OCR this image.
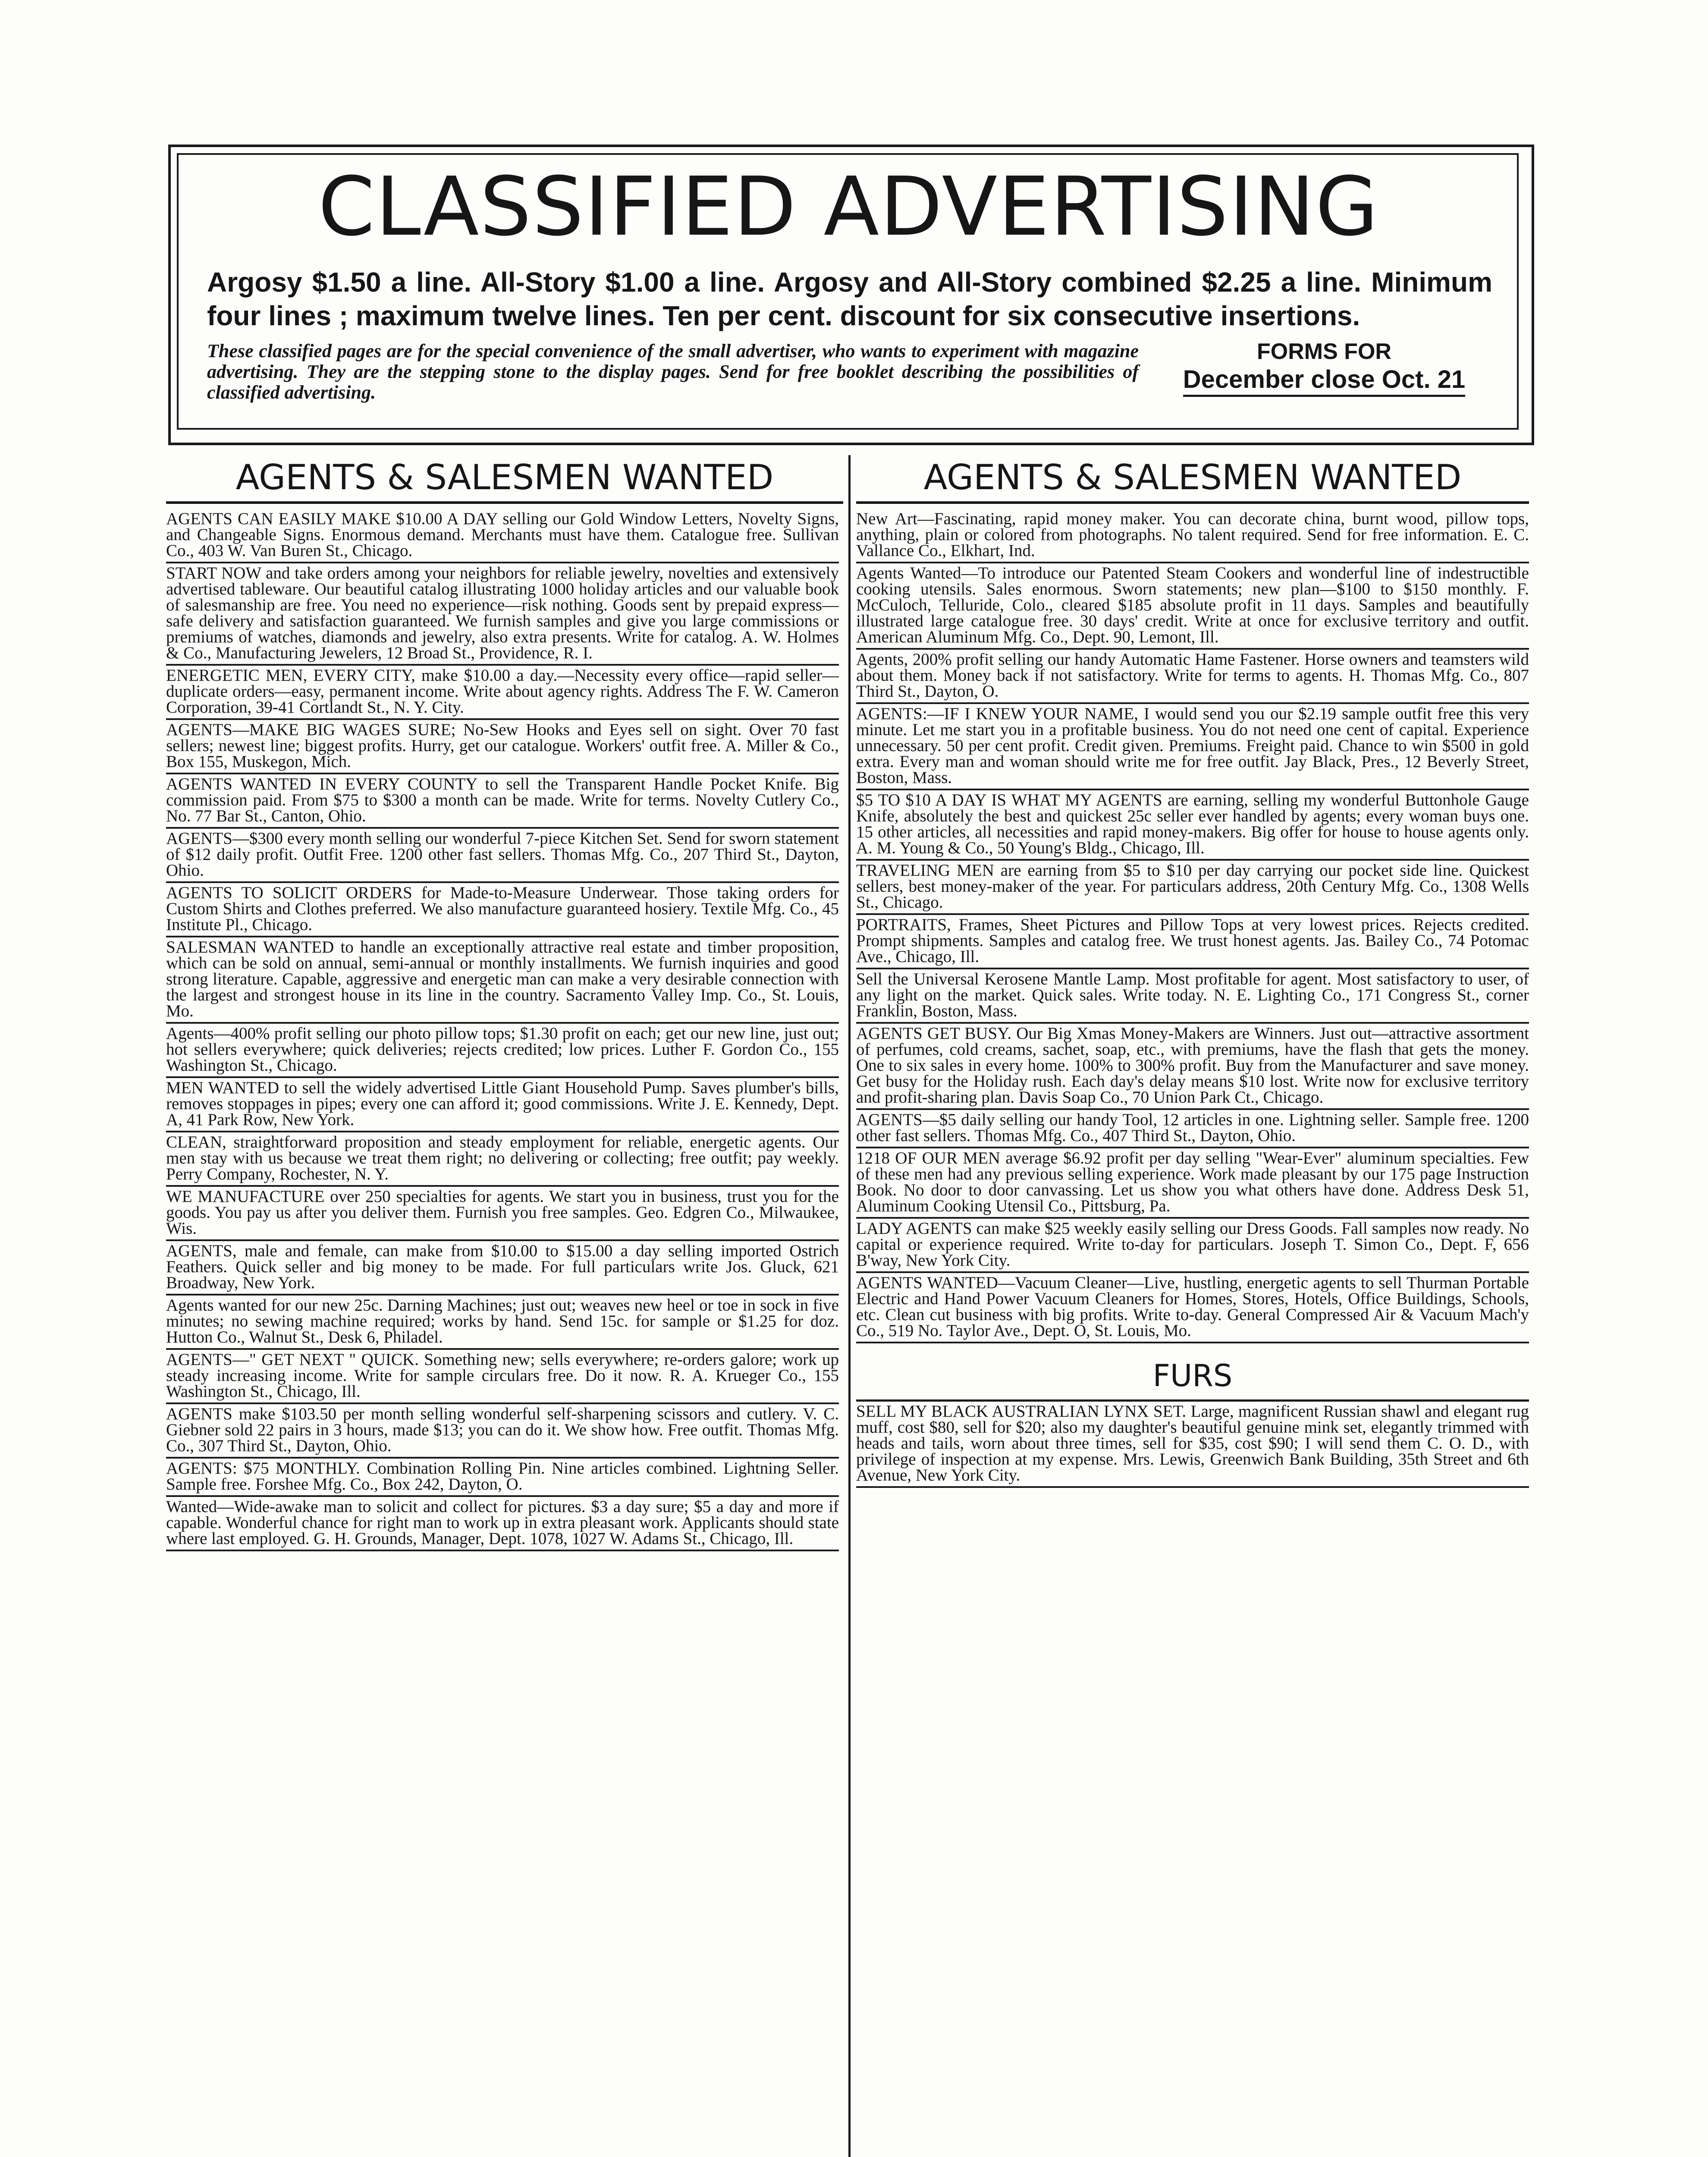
CLASSIFIED ADVERTISING
Argosy $1.50 a line. All-Story $1.00 a line. Argosy and All-Story combined $2.25 a line. Minimum four lines ; maximum twelve lines. Ten per cent. discount for six consecutive insertions.
These classified pages are for the special convenience of the small advertiser, who wants to experiment with magazine advertising. They are the stepping stone to the display pages. Send for free booklet describing the possibilities of classified advertising.
FORMS FOR
December close Oct. 21
AGENTS & SALESMEN WANTED	AGENTS & SALESMEN WANTED
AGENTS CAN EASILY MAKE $10.00 A DAY selling our Gold Window Letters, Novelty Signs, and Changeable Signs. Enormous demand. Merchants must have them. Catalogue free. Sullivan Co., 403 W. Van Buren St., Chicago.
START NOW and take orders among your neighbors for reliable jewelry, novelties and extensively advertised tableware. Our beautiful catalog illustrating 1000 holiday articles and our valuable book of salesmanship are free. You need no experience—risk nothing. Goods sent by prepaid express—safe delivery and satisfaction guaranteed. We furnish samples and give you large commissions or premiums of watches, diamonds and jewelry, also extra presents. Write for catalog. A. W. Holmes & Co., Manufacturing Jewelers, 12 Broad St., Providence, R. I.
ENERGETIC MEN, EVERY CITY, make $10.00 a day.—Necessity every office—rapid seller—duplicate orders—easy, permanent income. Write about agency rights. Address The F. W. Cameron Corporation, 39-41 Cortlandt St., N. Y. City.
AGENTS—MAKE BIG WAGES SURE; No-Sew Hooks and Eyes sell on sight. Over 70 fast sellers; newest line; biggest profits. Hurry, get our catalogue. Workers' outfit free. A. Miller & Co., Box 155, Muskegon, Mich.
AGENTS WANTED IN EVERY COUNTY to sell the Transparent Handle Pocket Knife. Big commission paid. From $75 to $300 a month can be made. Write for terms. Novelty Cutlery Co., No. 77 Bar St., Canton, Ohio.
AGENTS—$300 every month selling our wonderful 7-piece Kitchen Set. Send for sworn statement of $12 daily profit. Outfit Free. 1200 other fast sellers. Thomas Mfg. Co., 207 Third St., Dayton, Ohio.
AGENTS TO SOLICIT ORDERS for Made-to-Measure Underwear. Those taking orders for Custom Shirts and Clothes preferred. We also manufacture guaranteed hosiery. Textile Mfg. Co., 45 Institute Pl., Chicago.
SALESMAN WANTED to handle an exceptionally attractive real estate and timber proposition, which can be sold on annual, semi-annual or monthly installments. We furnish inquiries and good strong literature. Capable, aggressive and energetic man can make a very desirable connection with the largest and strongest house in its line in the country. Sacramento Valley Imp. Co., St. Louis, Mo.
Agents—400% profit selling our photo pillow tops; $1.30 profit on each; get our new line, just out; hot sellers everywhere; quick deliveries; rejects credited; low prices. Luther F. Gordon Co., 155 Washington St., Chicago.
MEN WANTED to sell the widely advertised Little Giant Household Pump. Saves plumber's bills, removes stoppages in pipes; every one can afford it; good commissions. Write J. E. Kennedy, Dept. A, 41 Park Row, New York.
CLEAN, straightforward proposition and steady employment for reliable, energetic agents. Our men stay with us because we treat them right; no delivering or collecting; free outfit; pay weekly. Perry Company, Rochester, N. Y.
WE MANUFACTURE over 250 specialties for agents. We start you in business, trust you for the goods. You pay us after you deliver them. Furnish you free samples. Geo. Edgren Co., Milwaukee, Wis.
AGENTS, male and female, can make from $10.00 to $15.00 a day selling imported Ostrich Feathers. Quick seller and big money to be made. For full particulars write Jos. Gluck, 621 Broadway, New York.
Agents wanted for our new 25c. Darning Machines; just out; weaves new heel or toe in sock in five minutes; no sewing machine required; works by hand. Send 15c. for sample or $1.25 for doz. Hutton Co., Walnut St., Desk 6, Philadel.
AGENTS—" GET NEXT " QUICK. Something new; sells everywhere; re-orders galore; work up steady increasing income. Write for sample circulars free. Do it now. R. A. Krueger Co., 155 Washington St., Chicago, Ill.
AGENTS make $103.50 per month selling wonderful self-sharpening scissors and cutlery. V. C. Giebner sold 22 pairs in 3 hours, made $13; you can do it. We show how. Free outfit. Thomas Mfg. Co., 307 Third St., Dayton, Ohio.
AGENTS: $75 MONTHLY. Combination Rolling Pin. Nine articles combined. Lightning Seller. Sample free. Forshee Mfg. Co., Box 242, Dayton, O.
Wanted—Wide-awake man to solicit and collect for pictures. $3 a day sure; $5 a day and more if capable. Wonderful chance for right man to work up in extra pleasant work. Applicants should state where last employed. G. H. Grounds, Manager, Dept. 1078, 1027 W. Adams St., Chicago, Ill.
New Art—Fascinating, rapid money maker. You can decorate china, burnt wood, pillow tops, anything, plain or colored from photographs. No talent required. Send for free information. E. C. Vallance Co., Elkhart, Ind.
Agents Wanted—To introduce our Patented Steam Cookers and wonderful line of indestructible cooking utensils. Sales enormous. Sworn statements; new plan—$100 to $150 monthly. F. McCuloch, Telluride, Colo., cleared $185 absolute profit in 11 days. Samples and beautifully illustrated large catalogue free. 30 days' credit. Write at once for exclusive territory and outfit. American Aluminum Mfg. Co., Dept. 90, Lemont, Ill.
Agents, 200% profit selling our handy Automatic Hame Fastener. Horse owners and teamsters wild about them. Money back if not satisfactory. Write for terms to agents. H. Thomas Mfg. Co., 807 Third St., Dayton, O.
AGENTS:—IF I KNEW YOUR NAME, I would send you our $2.19 sample outfit free this very minute. Let me start you in a profitable business. You do not need one cent of capital. Experience unnecessary. 50 per cent profit. Credit given. Premiums. Freight paid. Chance to win $500 in gold extra. Every man and woman should write me for free outfit. Jay Black, Pres., 12 Beverly Street, Boston, Mass.
$5 TO $10 A DAY IS WHAT MY AGENTS are earning, selling my wonderful Buttonhole Gauge Knife, absolutely the best and quickest 25c seller ever handled by agents; every woman buys one. 15 other articles, all necessities and rapid money-makers. Big offer for house to house agents only. A. M. Young & Co., 50 Young's Bldg., Chicago, Ill.
TRAVELING MEN are earning from $5 to $10 per day carrying our pocket side line. Quickest sellers, best money-maker of the year. For particulars address, 20th Century Mfg. Co., 1308 Wells St., Chicago.
PORTRAITS, Frames, Sheet Pictures and Pillow Tops at very lowest prices. Rejects credited. Prompt shipments. Samples and catalog free. We trust honest agents. Jas. Bailey Co., 74 Potomac Ave., Chicago, Ill.
Sell the Universal Kerosene Mantle Lamp. Most profitable for agent. Most satisfactory to user, of any light on the market. Quick sales. Write today. N. E. Lighting Co., 171 Congress St., corner Franklin, Boston, Mass.
AGENTS GET BUSY. Our Big Xmas Money-Makers are Winners. Just out—attractive assortment of perfumes, cold creams, sachet, soap, etc., with premiums, have the flash that gets the money. One to six sales in every home. 100% to 300% profit. Buy from the Manufacturer and save money. Get busy for the Holiday rush. Each day's delay means $10 lost. Write now for exclusive territory and profit-sharing plan. Davis Soap Co., 70 Union Park Ct., Chicago.
AGENTS—$5 daily selling our handy Tool, 12 articles in one. Lightning seller. Sample free. 1200 other fast sellers. Thomas Mfg. Co., 407 Third St., Dayton, Ohio.
1218 OF OUR MEN average $6.92 profit per day selling "Wear-Ever" aluminum specialties. Few of these men had any previous selling experience. Work made pleasant by our 175 page Instruction Book. No door to door canvassing. Let us show you what others have done. Address Desk 51, Aluminum Cooking Utensil Co., Pittsburg, Pa.
LADY AGENTS can make $25 weekly easily selling our Dress Goods. Fall samples now ready. No capital or experience required. Write to-day for particulars. Joseph T. Simon Co., Dept. F, 656 B'way, New York City.
AGENTS WANTED—Vacuum Cleaner—Live, hustling, energetic agents to sell Thurman Portable Electric and Hand Power Vacuum Cleaners for Homes, Stores, Hotels, Office Buildings, Schools, etc. Clean cut business with big profits. Write to-day. General Compressed Air & Vacuum Mach'y Co., 519 No. Taylor Ave., Dept. O, St. Louis, Mo.
FURS
SELL MY BLACK AUSTRALIAN LYNX SET. Large, magnificent Russian shawl and elegant rug muff, cost $80, sell for $20; also my daughter's beautiful genuine mink set, elegantly trimmed with heads and tails, worn about three times, sell for $35, cost $90; I will send them C. O. D., with privilege of inspection at my expense. Mrs. Lewis, Greenwich Bank Building, 35th Street and 6th Avenue, New York City.
